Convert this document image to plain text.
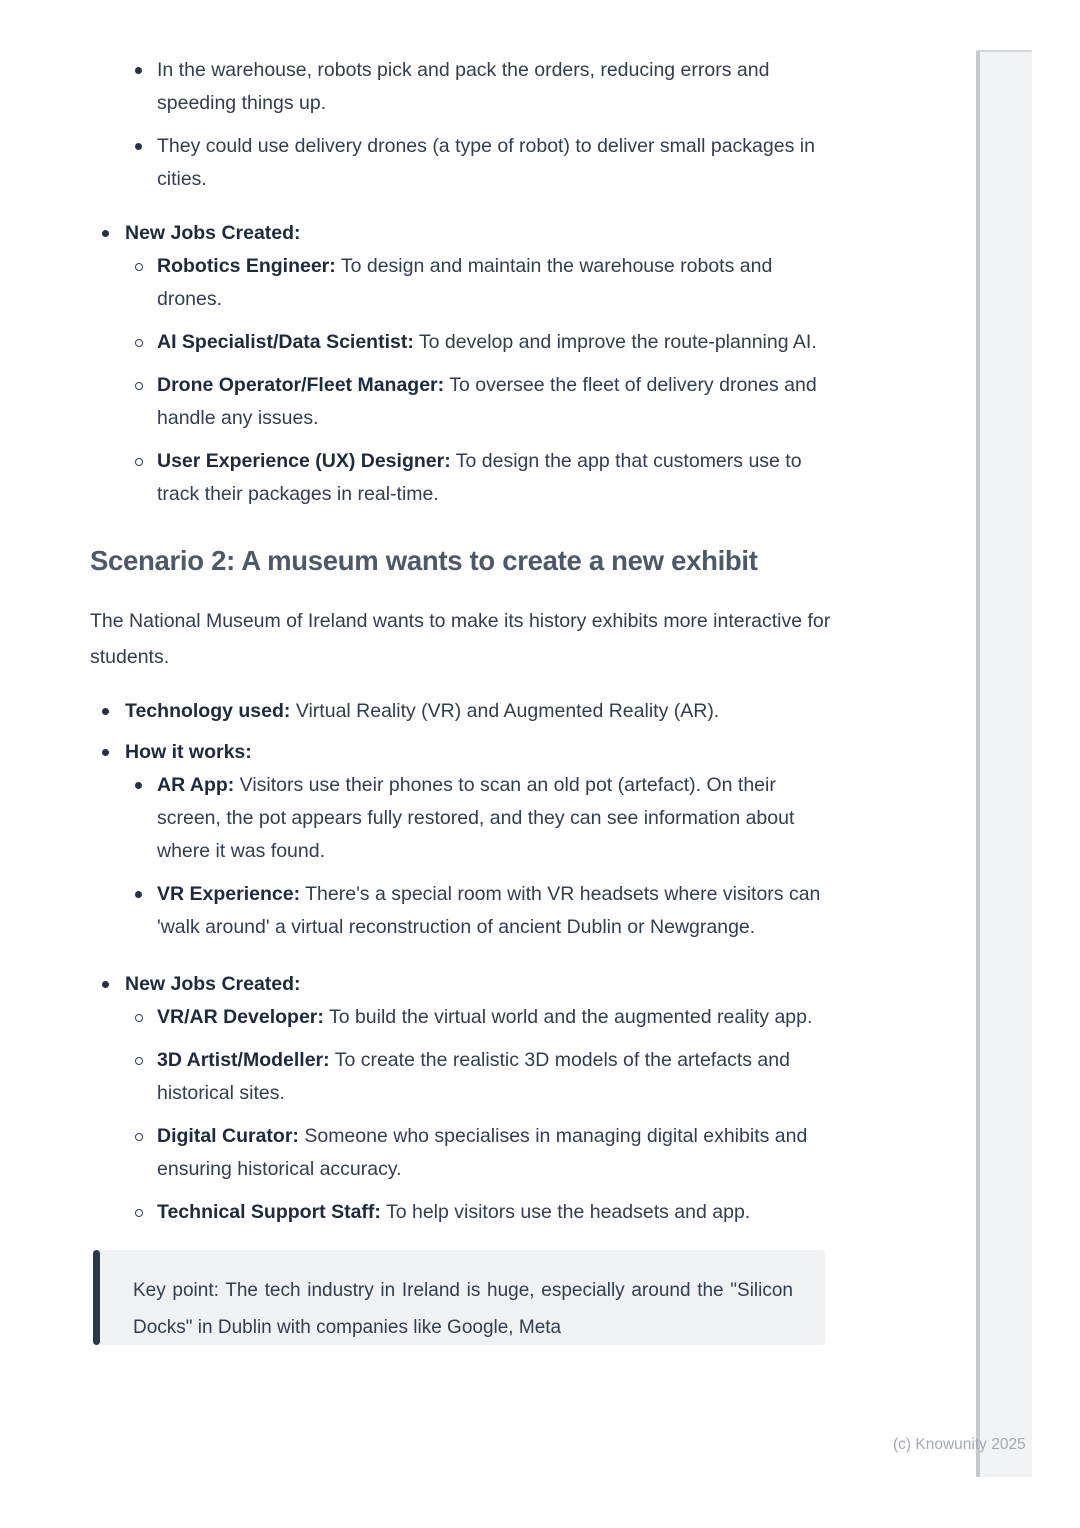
In the warehouse, robots pick and pack the orders, reducing errors and speeding things up.
They could use delivery drones (a type of robot) to deliver small packages in cities.
New Jobs Created:
Robotics Engineer: To design and maintain the warehouse robots and drones.
AI Specialist/Data Scientist: To develop and improve the route-planning AI.
Drone Operator/Fleet Manager: To oversee the fleet of delivery drones and handle any issues.
User Experience (UX) Designer: To design the app that customers use to track their packages in real-time.
Scenario 2: A museum wants to create a new exhibit

The National Museum of Ireland wants to make its history exhibits more interactive for students.

Technology used: Virtual Reality (VR) and Augmented Reality (AR).
How it works:
AR App: Visitors use their phones to scan an old pot (artefact). On their screen, the pot appears fully restored, and they can see information about where it was found.
VR Experience: There's a special room with VR headsets where visitors can 'walk around' a virtual reconstruction of ancient Dublin or Newgrange.
New Jobs Created:
VR/AR Developer: To build the virtual world and the augmented reality app.
3D Artist/Modeller: To create the realistic 3D models of the artefacts and historical sites.
Digital Curator: Someone who specialises in managing digital exhibits and ensuring historical accuracy.
Technical Support Staff: To help visitors use the headsets and app.
Key point: The tech industry in Ireland is huge, especially around the "Silicon Docks" in Dublin with companies like Google, Meta
(c) Knowunity 2025
